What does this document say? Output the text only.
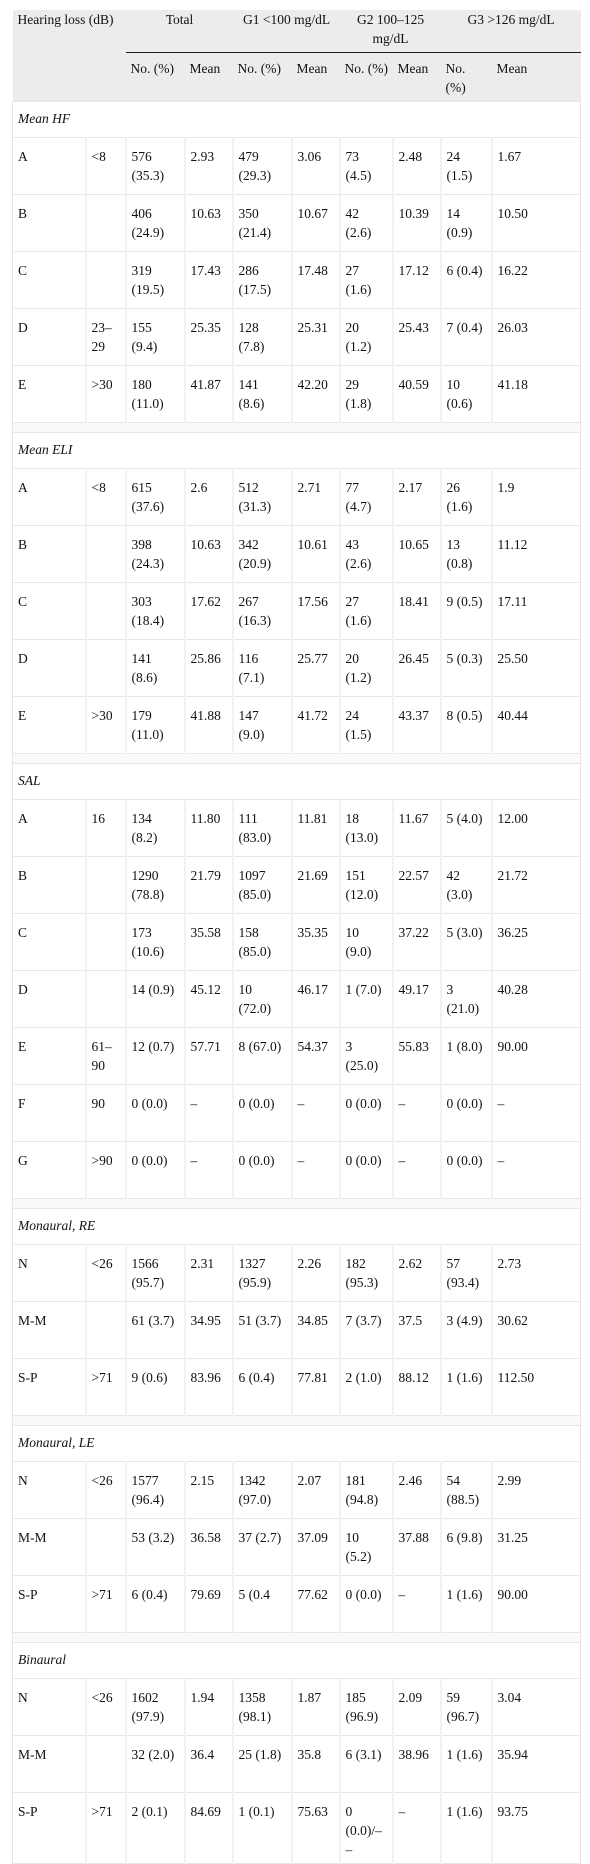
Hearing loss (dB)		Total		G1 <100 mg/dL		G2 100–125 mg/dL		G3 >126 mg/dL	
		No. (%)	Mean	No. (%)	Mean	No. (%)	Mean	No. (%)	Mean
Mean HF									
A	<8	576 (35.3)	2.93	479 (29.3)	3.06	73 (4.5)	2.48	24 (1.5)	1.67
B		406 (24.9)	10.63	350 (21.4)	10.67	42 (2.6)	10.39	14 (0.9)	10.50
C		319 (19.5)	17.43	286 (17.5)	17.48	27 (1.6)	17.12	6 (0.4)	16.22
D	23–29	155 (9.4)	25.35	128 (7.8)	25.31	20 (1.2)	25.43	7 (0.4)	26.03
E	>30	180 (11.0)	41.87	141 (8.6)	42.20	29 (1.8)	40.59	10 (0.6)	41.18

Mean ELI									
A	<8	615 (37.6)	2.6	512 (31.3)	2.71	77 (4.7)	2.17	26 (1.6)	1.9
B		398 (24.3)	10.63	342 (20.9)	10.61	43 (2.6)	10.65	13 (0.8)	11.12
C		303 (18.4)	17.62	267 (16.3)	17.56	27 (1.6)	18.41	9 (0.5)	17.11
D		141 (8.6)	25.86	116 (7.1)	25.77	20 (1.2)	26.45	5 (0.3)	25.50
E	>30	179 (11.0)	41.88	147 (9.0)	41.72	24 (1.5)	43.37	8 (0.5)	40.44

SAL									
A	16	134 (8.2)	11.80	111 (83.0)	11.81	18 (13.0)	11.67	5 (4.0)	12.00
B		1290 (78.8)	21.79	1097 (85.0)	21.69	151 (12.0)	22.57	42 (3.0)	21.72
C		173 (10.6)	35.58	158 (85.0)	35.35	10 (9.0)	37.22	5 (3.0)	36.25
D		14 (0.9)	45.12	10 (72.0)	46.17	1 (7.0)	49.17	3 (21.0)	40.28
E	61–90	12 (0.7)	57.71	8 (67.0)	54.37	3 (25.0)	55.83	1 (8.0)	90.00
F	90	0 (0.0)	–	0 (0.0)	–	0 (0.0)	–	0 (0.0)	–
G	>90	0 (0.0)	–	0 (0.0)	–	0 (0.0)	–	0 (0.0)	–

Monaural, RE									
N	<26	1566 (95.7)	2.31	1327 (95.9)	2.26	182 (95.3)	2.62	57 (93.4)	2.73
M-M		61 (3.7)	34.95	51 (3.7)	34.85	7 (3.7)	37.5	3 (4.9)	30.62
S-P	>71	9 (0.6)	83.96	6 (0.4)	77.81	2 (1.0)	88.12	1 (1.6)	112.50

Monaural, LE									
N	<26	1577 (96.4)	2.15	1342 (97.0)	2.07	181 (94.8)	2.46	54 (88.5)	2.99
M-M		53 (3.2)	36.58	37 (2.7)	37.09	10 (5.2)	37.88	6 (9.8)	31.25
S-P	>71	6 (0.4)	79.69	5 (0.4	77.62	0 (0.0)	–	1 (1.6)	90.00

Binaural									
N	<26	1602 (97.9)	1.94	1358 (98.1)	1.87	185 (96.9)	2.09	59 (96.7)	3.04
M-M		32 (2.0)	36.4	25 (1.8)	35.8	6 (3.1)	38.96	1 (1.6)	35.94
S-P	>71	2 (0.1)	84.69	1 (0.1)	75.63	0 (0.0)/– –	–	1 (1.6)	93.75
